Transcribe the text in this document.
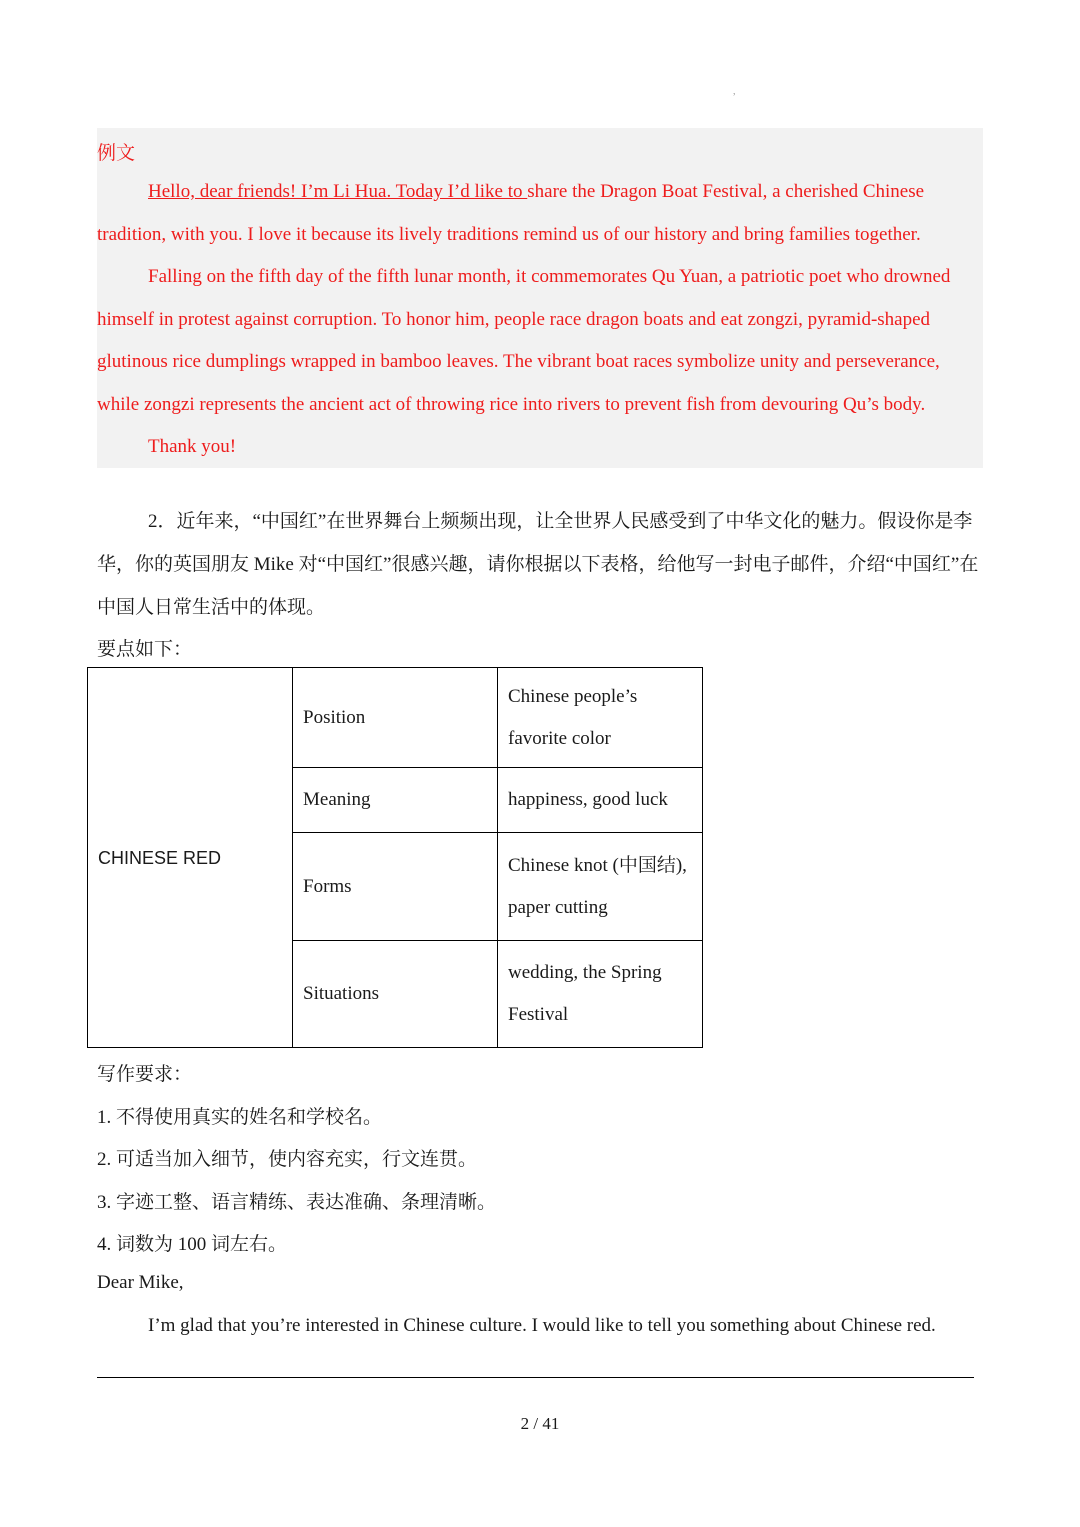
,
例文
Hello, dear friends! I’m Li Hua. Today I’d like to share the Dragon Boat Festival, a cherished Chinese
tradition, with you. I love it because its lively traditions remind us of our history and bring families together.
Falling on the fifth day of the fifth lunar month, it commemorates Qu Yuan, a patriotic poet who drowned
himself in protest against corruption. To honor him, people race dragon boats and eat zongzi, pyramid-shaped
glutinous rice dumplings wrapped in bamboo leaves. The vibrant boat races symbolize unity and perseverance,
while zongzi represents the ancient act of throwing rice into rivers to prevent fish from devouring Qu’s body.
Thank you!
2．近年来，“中国红”在世界舞台上频频出现，让全世界人民感受到了中华文化的魅力。假设你是李
华，你的英国朋友 Mike 对“中国红”很感兴趣，请你根据以下表格，给他写一封电子邮件，介绍“中国红”在
中国人日常生活中的体现。
要点如下：
CHINESE RED	Position	Chinese people’s
favorite color

	Meaning	happiness, good luck
	Forms	Chinese knot (中国结),
paper cutting

	Situations	wedding, the Spring
Festival
写作要求：
1. 不得使用真实的姓名和学校名。
2. 可适当加入细节，使内容充实，行文连贯。
3. 字迹工整、语言精练、表达准确、条理清晰。
4. 词数为 100 词左右。
Dear Mike,
I’m glad that you’re interested in Chinese culture. I would like to tell you something about Chinese red.
2 / 41
